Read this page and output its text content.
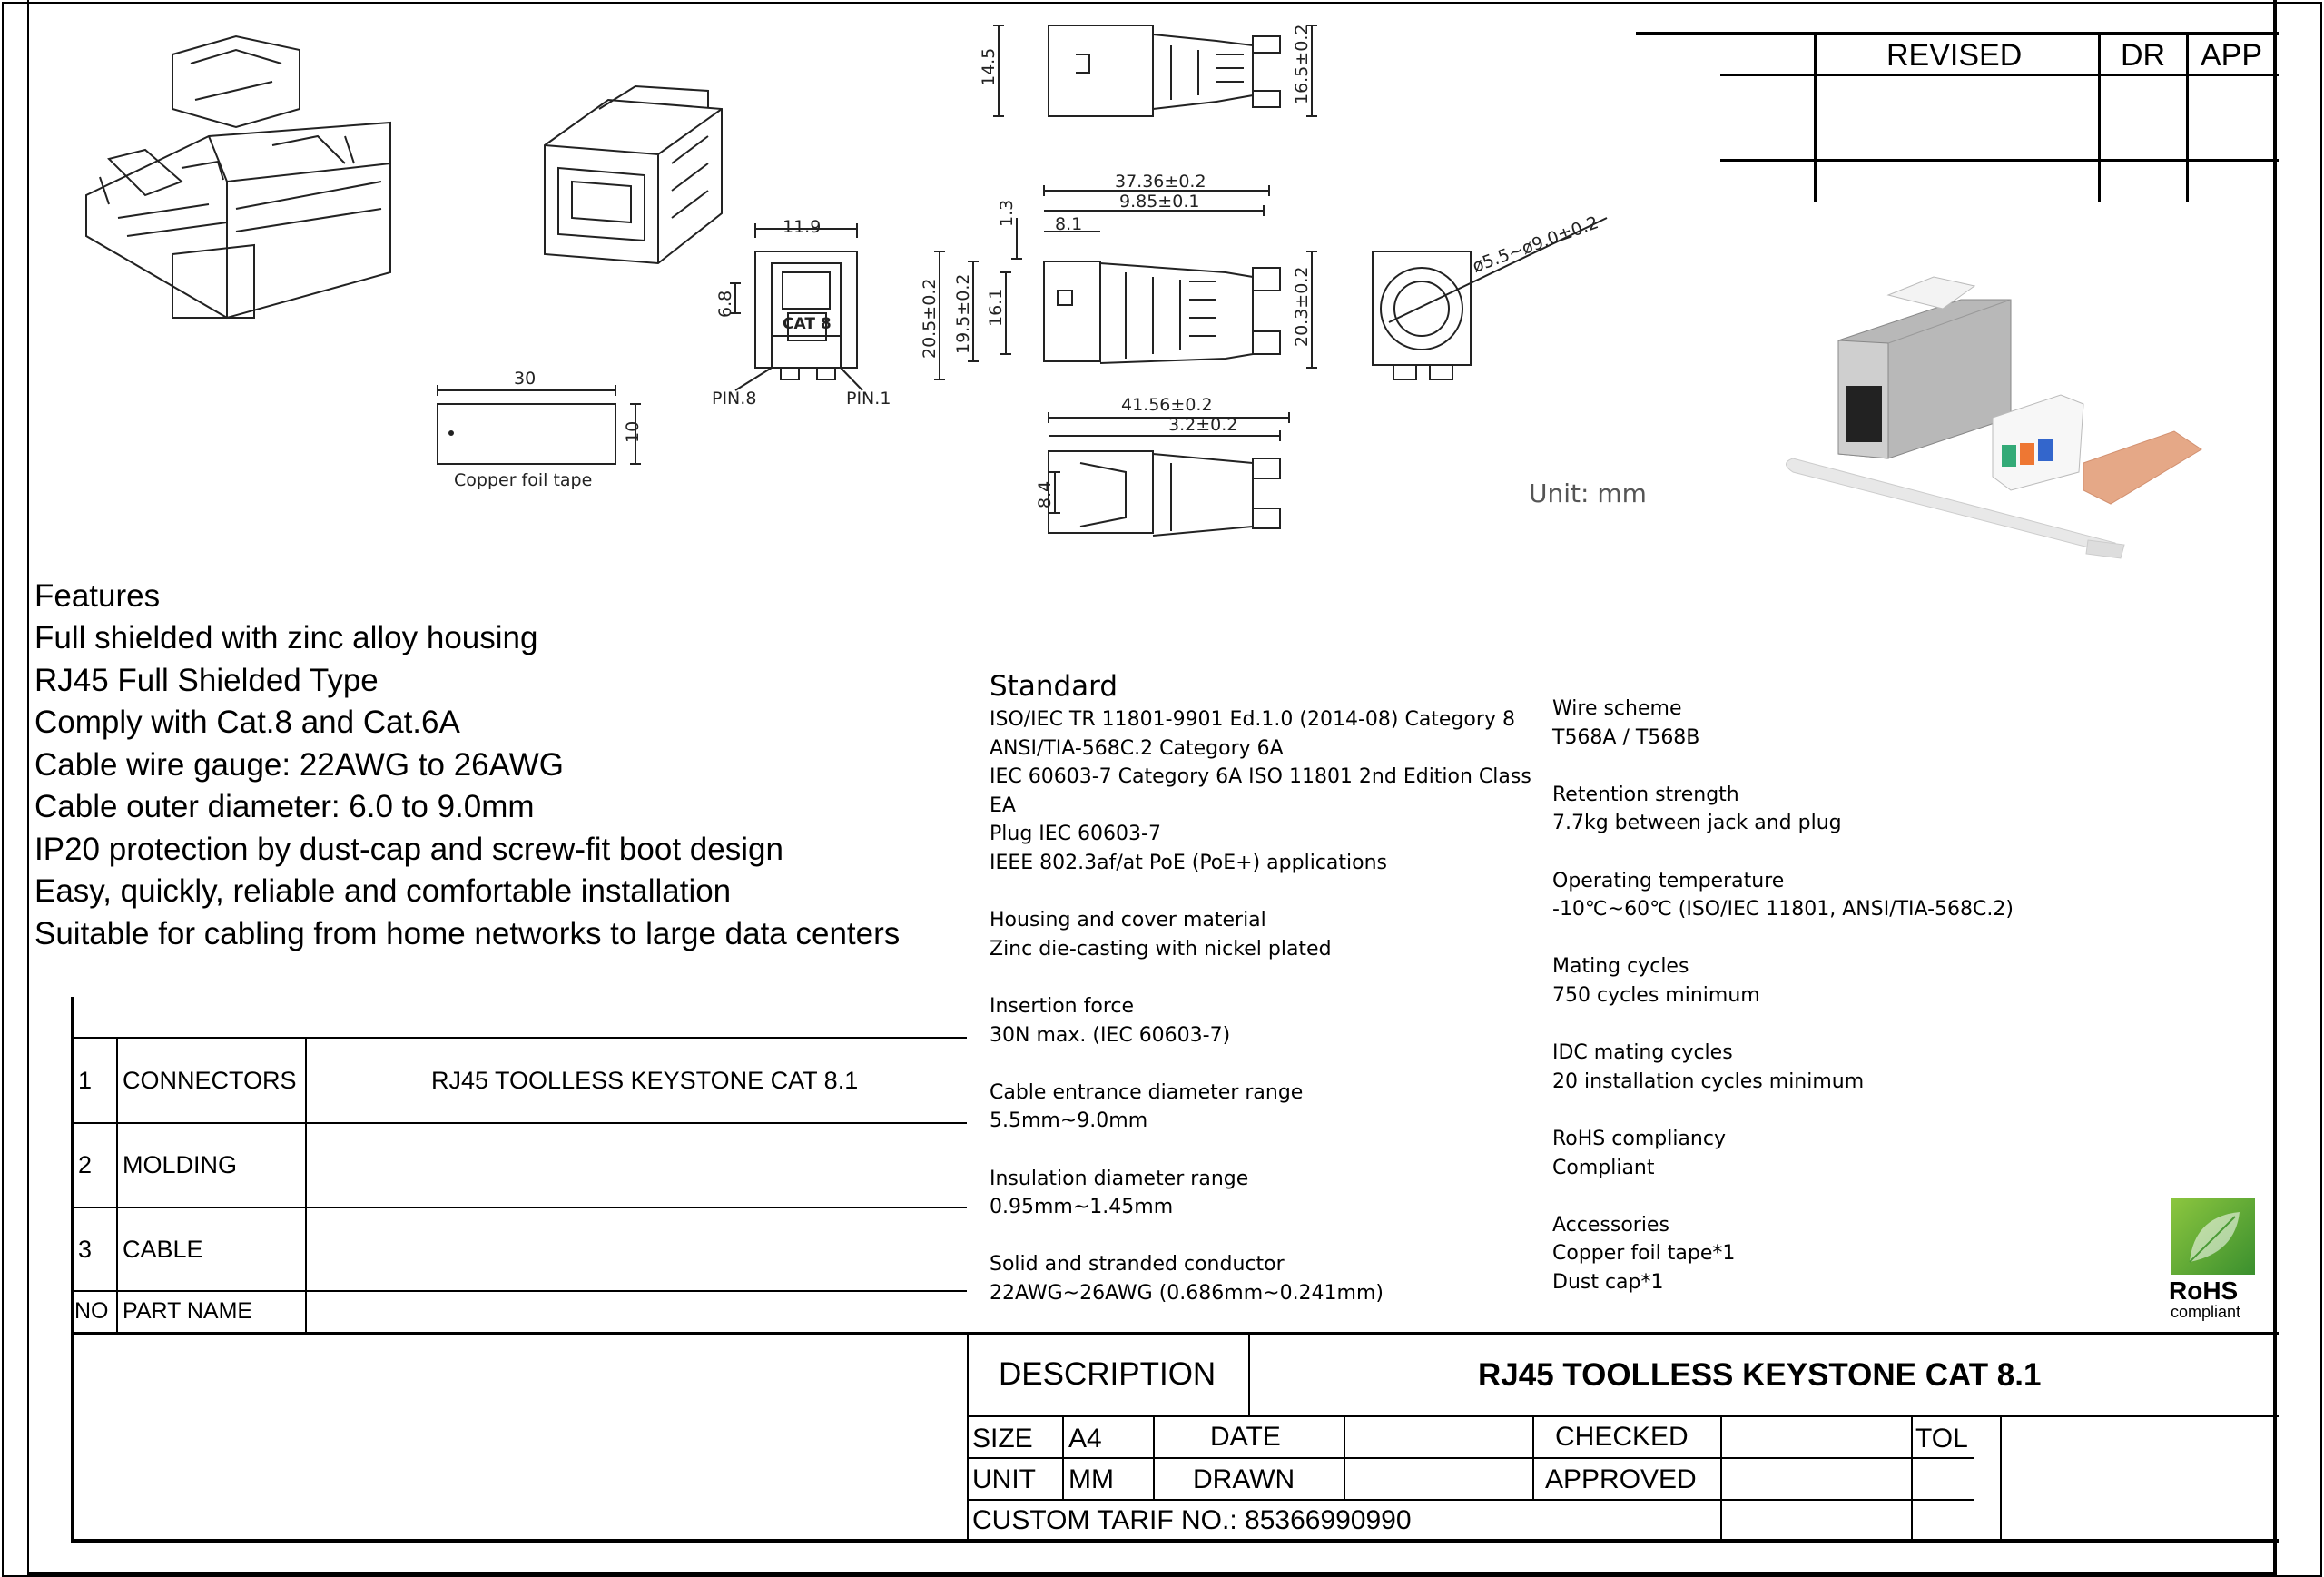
REVISED	DR APP
14.5	16.5±0.2
37.36±0.2
9.85±0.1
8.1
1.3
20.5±0.2 19.5±0.2 16.1	20.3±0.2
ø5.5~ø9.0±0.2
11.9
6.8
PIN.8	PIN.1
CAT 8
30
10
Copper foil tape
41.56±0.2
3.2±0.2
8.4	Unit: mm
Features
Full shielded with zinc alloy housing
RJ45 Full Shielded Type
Comply with Cat.8 and Cat.6A
Cable wire gauge: 22AWG to 26AWG
Cable outer diameter: 6.0 to 9.0mm
IP20 protection by dust-cap and screw-fit boot design
Easy, quickly, reliable and comfortable installation
Suitable for cabling from home networks to large data centers
Standard
ISO/IEC TR 11801-9901 Ed.1.0 (2014-08) Category 8
ANSI/TIA-568C.2 Category 6A
IEC 60603-7 Category 6A ISO 11801 2nd Edition Class
EA
Plug IEC 60603-7
IEEE 802.3af/at PoE (PoE+) applications
Housing and cover material
Zinc die-casting with nickel plated
Insertion force
30N max. (IEC 60603-7)
Cable entrance diameter range
5.5mm~9.0mm
Insulation diameter range
0.95mm~1.45mm
Solid and stranded conductor
22AWG~26AWG (0.686mm~0.241mm)
Wire scheme
T568A / T568B
Retention strength
7.7kg between jack and plug
Operating temperature
-10℃~60℃ (ISO/IEC 11801, ANSI/TIA-568C.2)
Mating cycles
750 cycles minimum
IDC mating cycles
20 installation cycles minimum
RoHS compliancy
Compliant
Accessories
Copper foil tape*1
Dust cap*1	RoHS
compliant
1 CONNECTORS	RJ45 TOOLLESS KEYSTONE CAT 8.1
2 MOLDING
3 CABLE
NO PART NAME
DESCRIPTION	RJ45 TOOLLESS KEYSTONE CAT 8.1
SIZE A4	DATE	CHECKED	TOL
UNIT MM	DRAWN	APPROVED
CUSTOM TARIF NO.: 85366990990
